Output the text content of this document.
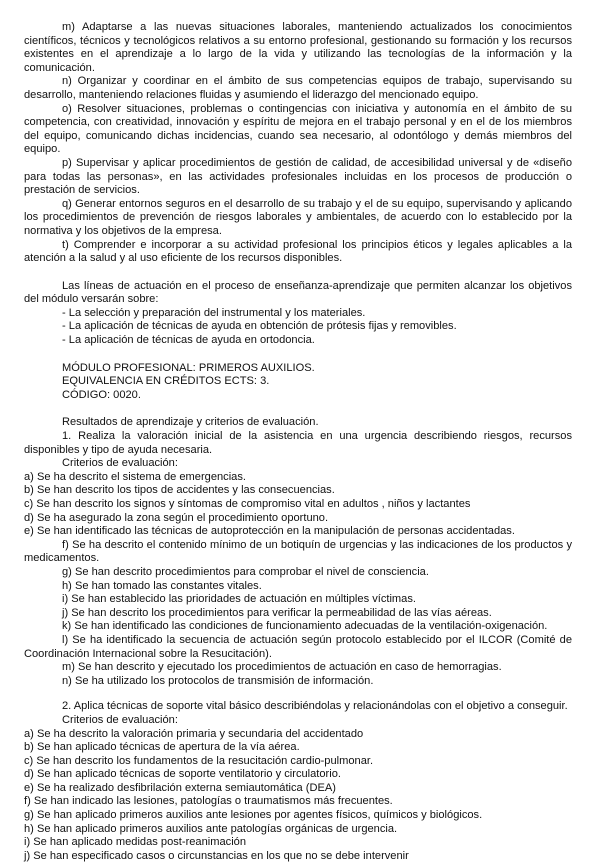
m) Adaptarse a las nuevas situaciones laborales, manteniendo actualizados los conocimientos científicos, técnicos y tecnológicos relativos a su entorno profesional, gestionando su formación y los recursos existentes en el aprendizaje a lo largo de la vida y utilizando las tecnologías de la información y la comunicación.

n) Organizar y coordinar en el ámbito de sus competencias equipos de trabajo, supervisando su desarrollo, manteniendo relaciones fluidas y asumiendo el liderazgo del mencionado equipo.

o) Resolver situaciones, problemas o contingencias con iniciativa y autonomía en el ámbito de su competencia, con creatividad, innovación y espíritu de mejora en el trabajo personal y en el de los miembros del equipo, comunicando dichas incidencias, cuando sea necesario, al odontólogo y demás miembros del equipo.

p) Supervisar y aplicar procedimientos de gestión de calidad, de accesibilidad universal y de «diseño para todas las personas», en las actividades profesionales incluidas en los procesos de producción o prestación de servicios.

q) Generar entornos seguros en el desarrollo de su trabajo y el de su equipo, supervisando y aplicando los procedimientos de prevención de riesgos laborales y ambientales, de acuerdo con lo establecido por la normativa y los objetivos de la empresa.

t) Comprender e incorporar a su actividad profesional los principios éticos y legales aplicables a la atención a la salud y al uso eficiente de los recursos disponibles.

Las líneas de actuación en el proceso de enseñanza-aprendizaje que permiten alcanzar los objetivos del módulo versarán sobre:

- La selección y preparación del instrumental y los materiales.

- La aplicación de técnicas de ayuda en obtención de prótesis fijas y removibles.

- La aplicación de técnicas de ayuda en ortodoncia.

MÓDULO PROFESIONAL: PRIMEROS AUXILIOS.

EQUIVALENCIA EN CRÉDITOS ECTS: 3.

CÓDIGO: 0020.

Resultados de aprendizaje y criterios de evaluación.

1. Realiza la valoración inicial de la asistencia en una urgencia describiendo riesgos, recursos disponibles y tipo de ayuda necesaria.

Criterios de evaluación:

a) Se ha descrito el sistema de emergencias.

b) Se han descrito los tipos de accidentes y las consecuencias.

c) Se han descrito los signos y síntomas de compromiso vital en adultos , niños y lactantes

d) Se ha asegurado la zona según el procedimiento oportuno.

e) Se han identificado las técnicas de autoprotección en la manipulación de personas accidentadas.

f) Se ha descrito el contenido mínimo de un botiquín de urgencias y las indicaciones de los productos y medicamentos.

g) Se han descrito procedimientos para comprobar el nivel de consciencia.

h) Se han tomado las constantes vitales.

i) Se han establecido las prioridades de actuación en múltiples víctimas.

j) Se han descrito los procedimientos para verificar la permeabilidad de las vías aéreas.

k) Se han identificado las condiciones de funcionamiento adecuadas de la ventilación-oxigenación.

l) Se ha identificado la secuencia de actuación según protocolo establecido por el ILCOR (Comité de Coordinación Internacional sobre la Resucitación).

m) Se han descrito y ejecutado los procedimientos de actuación en caso de hemorragias.

n) Se ha utilizado los protocolos de transmisión de información.

2. Aplica técnicas de soporte vital básico describiéndolas y relacionándolas con el objetivo a conseguir.

Criterios de evaluación:

a) Se ha descrito la valoración primaria y secundaria del accidentado

b) Se han aplicado técnicas de apertura de la vía aérea.

c) Se han descrito los fundamentos de la resucitación cardio-pulmonar.

d) Se han aplicado técnicas de soporte ventilatorio y circulatorio.

e) Se ha realizado desfibrilación externa semiautomática (DEA)

f) Se han indicado las lesiones, patologías o traumatismos más frecuentes.

g) Se han aplicado primeros auxilios ante lesiones por agentes físicos, químicos y biológicos.

h) Se han aplicado primeros auxilios ante patologías orgánicas de urgencia.

i) Se han aplicado medidas post-reanimación

j) Se han especificado casos o circunstancias en los que no se debe intervenir
